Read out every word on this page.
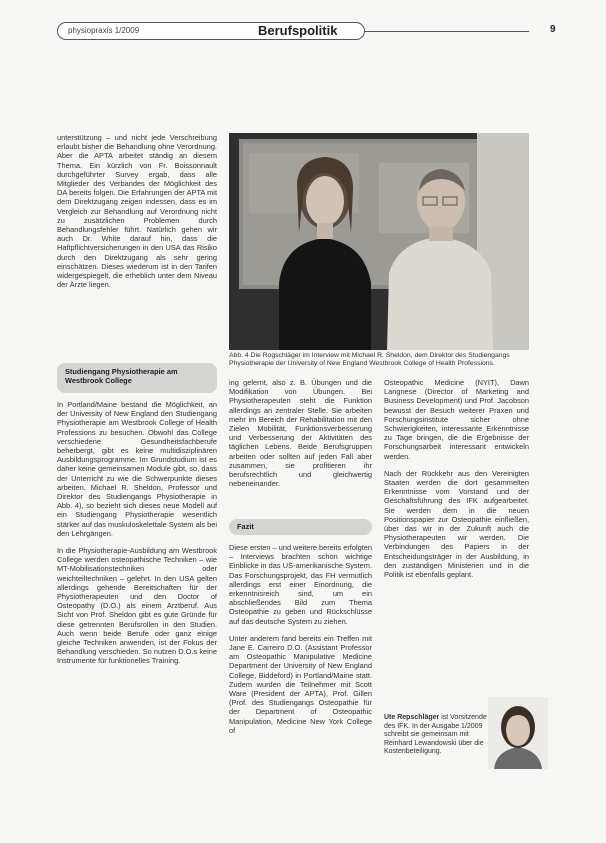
physiopraxis 1/2009	Berufspolitik	9

unterstützung – und nicht jede Verschreibung erlaubt bisher die Behandlung ohne Verordnung. Aber die APTA arbeitet ständig an diesem Thema. Ein kürzlich von Fr. Boissonnault durchgeführter Survey ergab, dass alle Mitglieder des Verbandes der Möglichkeit des DA bereits folgen. Die Erfahrungen der APTA mit dem Direktzugang zeigen indessen, dass es im Vergleich zur Behandlung auf Verordnung nicht zu zusätzlichen Problemen durch Behandlungsfehler führt. Natürlich gehen wir auch Dr. White darauf hin, dass die Haftpflichtversicherungen in den USA das Risiko durch den Direktzugang als sehr gering einschätzen. Dieses wiederum ist in den Tarifen widergespiegelt, die erheblich unter dem Niveau der Ärzte liegen.

Studiengang Physiotherapie am Westbrook College

In Portland/Maine bestand die Möglichkeit, an der University of New England den Studiengang Physiotherapie am Westbrook College of Health Professions zu besuchen. Obwohl das College verschiedene Gesundheitsfachberufe beherbergt, gibt es keine multidisziplinären Ausbildungsprogramme. Im Grundstudium ist es daher keine gemeinsamen Module gibt, so, dass der Unterricht zu wie die Schwerpunkte dieses arbeiten. Michael R. Sheldon, Professor und Direktor des Studiengangs Physiotherapie in Abb. 4), so bezieht sich dieses neue Modell auf ein Studiengang Physiotherapie wesentlich stärker auf das muskuloskelettale System als bei den Lehrgängen.

In die Physiotherapie-Ausbildung am Westbrook College werden osteopathische Techniken – wie MT-Mobilisationstechniken oder weichteiltechniken – gelehrt. In den USA gelten allerdings gehende Bereitschaften für der Physiotherapeuten und den Doctor of Osteopathy (D.O.) als einem Arztberuf. Aus Sicht von Prof. Sheldon gibt es gute Gründe für diese getrennten Berufsrollen in den Studien. Auch wenn beide Berufe oder ganz einige gleiche Techniken anwenden, ist der Fokus der Behandlung verschieden. So nutzen D.O.s keine Instrumente für funktionelles Training.

Abb. 4 Die Rogschläger im Interview mit Michael R. Sheldon, dem Direktor des Studiengangs Physiotherapie der University of New England Westbrook College of Health Professions.

ing gelernt, also z. B. Übungen und die Modifikation von Übungen. Bei Physiotherapeuten steht die Funktion allerdings an zentraler Stelle. Sie arbeiten mehr im Bereich der Rehabilitation mit den Zielen Mobilität, Funktionsverbesserung und Verbesserung der Aktivitäten des täglichen Lebens. Beide Berufsgruppen arbeiten oder sollten auf jeden Fall aber zusammen, sie profitieren ihr berufsrechtlich und gleichwertig nebeneinander.

Fazit

Diese ersten – und weitere bereits erfolgten – Interviews brachten schon wichtige Einblicke in das US-amerikanische System. Das Forschungsprojekt, das FH vermutlich allerdings erst einer Einordnung, die erkenntnisreich sind, um ein abschließendes Bild zum Thema Osteopathie zu geben und Rückschlüsse auf das deutsche System zu ziehen.

Unter anderem fand bereits ein Treffen mit Jane E. Carreiro D.O. (Assistant Professor am Osteopathic Manipulative Medicine Department der University of New England College, Biddeford) in Portland/Maine statt. Zudem wurden die Teilnehmer mit Scott Ware (President der APTA), Prof. Gillen (Prof. des Studiengangs Osteopathie für der Department of Osteopathic Manipulation, Medicine New York College of

Osteopathic Medicine (NYIT), Dawn Langnese (Director of Marketing and Business Development) und Prof. Jacobson bewusst der Besuch weiterer Praxen und Forschungsinstitute sicher ohne Schwierigkeiten, interessante Erkenntnisse zu Tage bringen, die die Ergebnisse der Forschungsarbeit interessant entwickeln werden.

Nach der Rückkehr aus den Vereinigten Staaten werden die dort gesammelten Erkenntnisse vom Vorstand und der Geschäftsführung des IFK aufgearbeitet. Sie werden dem in die neuen Positionspapier zur Osteopathie einfließen, über das wir in der Zukunft auch die Physiotherapeuten wir werden. Die Verbindungen des Papiers in der Entscheidungsträger in der Ausbildung, in den zuständigen Ministerien und in die Politik ist ebenfalls geplant.

Ute Repschläger ist Vorsitzende des IFK. In der Ausgabe 1/2009 schreibt sie gemeinsam mit Reinhard Lewandowski über die Kostenbeteiligung.
